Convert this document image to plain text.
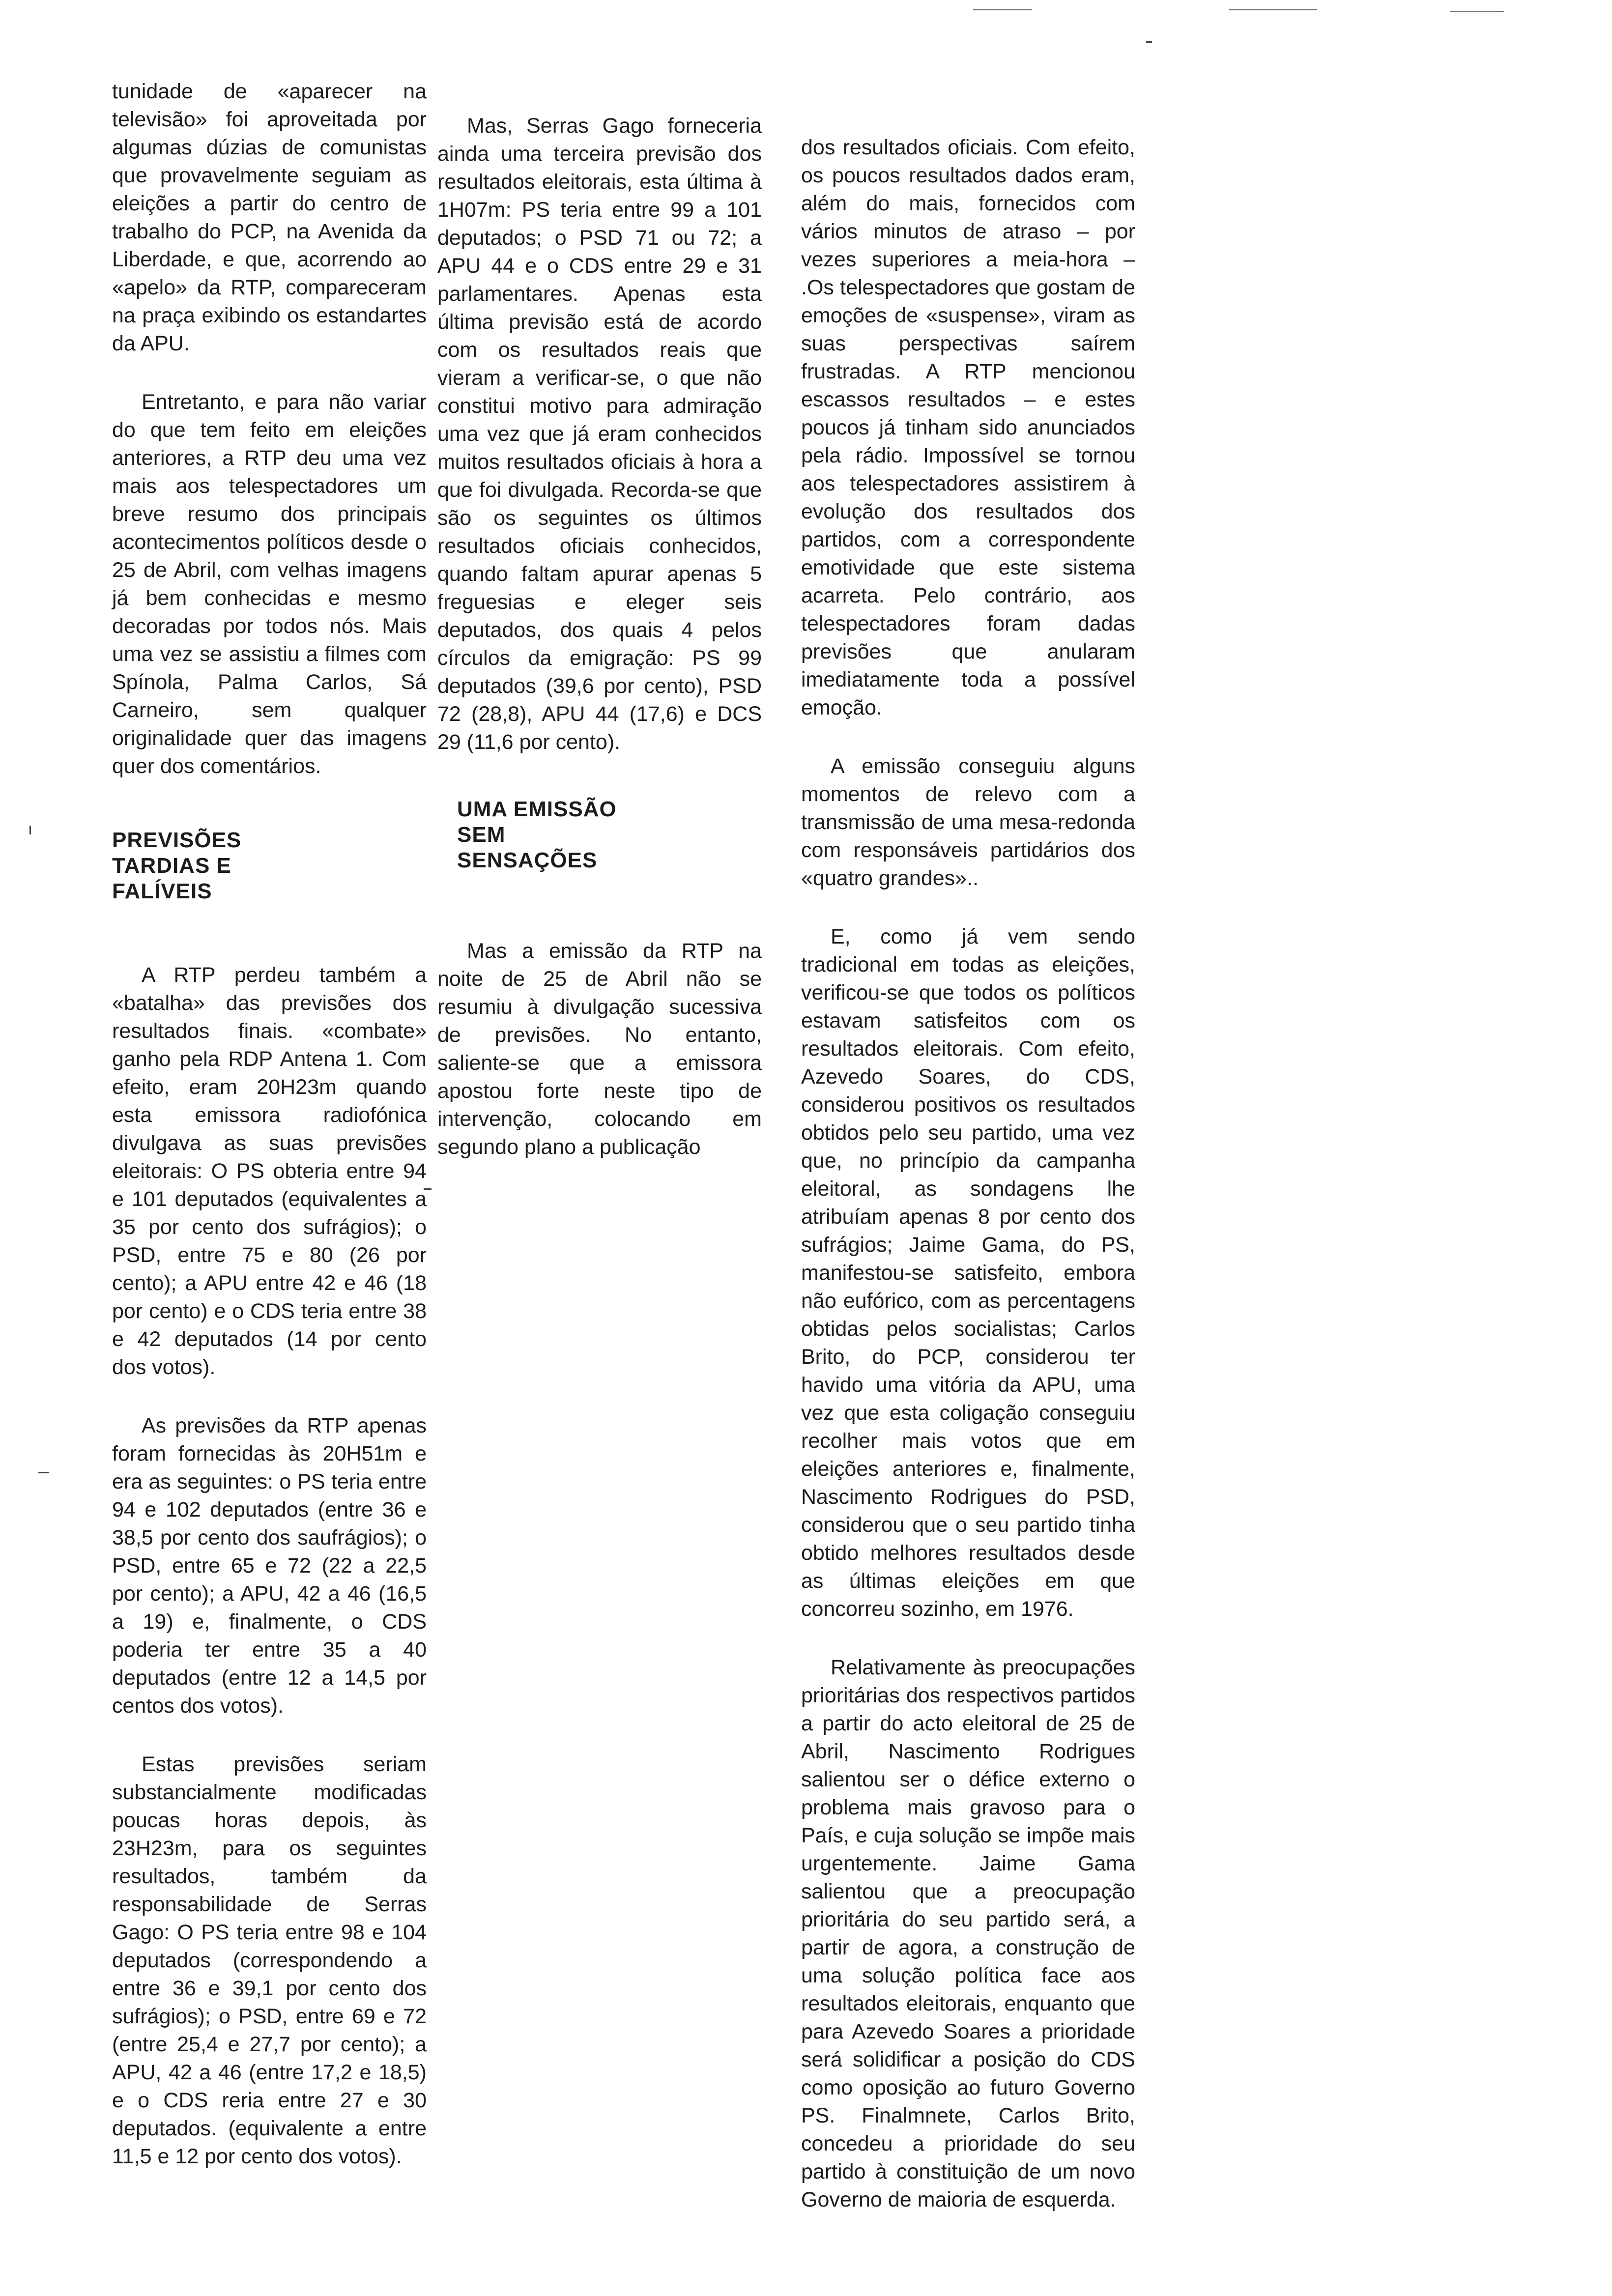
tunidade de «aparecer na televisão» foi aproveitada por algumas dúzias de comunistas que provavelmente seguiam as eleições a partir do centro de trabalho do PCP, na Avenida da Liberdade, e que, acorrendo ao «apelo» da RTP, compareceram na praça exibindo os estandartes da APU.

Entretanto, e para não variar do que tem feito em eleições anteriores, a RTP deu uma vez mais aos telespectadores um breve resumo dos principais acontecimentos políticos desde o 25 de Abril, com velhas imagens já bem conhecidas e mesmo decoradas por todos nós. Mais uma vez se assistiu a filmes com Spínola, Palma Carlos, Sá Carneiro, sem qualquer originalidade quer das imagens quer dos comentários.

PREVISÕES
TARDIAS E
FALÍVEIS

A RTP perdeu também a «batalha» das previsões dos resultados finais. «combate» ganho pela RDP Antena 1. Com efeito, eram 20H23m quando esta emissora radiofónica divulgava as suas previsões eleitorais: O PS obteria entre 94 e 101 deputados (equivalentes a 35 por cento dos sufrágios); o PSD, entre 75 e 80 (26 por cento); a APU entre 42 e 46 (18 por cento) e o CDS teria entre 38 e 42 deputados (14 por cento dos votos).

As previsões da RTP apenas foram fornecidas às 20H51m e era as seguintes: o PS teria entre 94 e 102 deputados (entre 36 e 38,5 por cento dos saufrágios); o PSD, entre 65 e 72 (22 a 22,5 por cento); a APU, 42 a 46 (16,5 a 19) e, finalmente, o CDS poderia ter entre 35 a 40 deputados (entre 12 a 14,5 por centos dos votos).

Estas previsões seriam substancialmente modificadas poucas horas depois, às 23H23m, para os seguintes resultados, também da responsabilidade de Serras Gago: O PS teria entre 98 e 104 deputados (correspondendo a entre 36 e 39,1 por cento dos sufrágios); o PSD, entre 69 e 72 (entre 25,4 e 27,7 por cento); a APU, 42 a 46 (entre 17,2 e 18,5) e o CDS reria entre 27 e 30 deputados. (equivalente a entre 11,5 e 12 por cento dos votos).

Mas, Serras Gago forneceria ainda uma terceira previsão dos resultados eleitorais, esta última à 1H07m: PS teria entre 99 a 101 deputados; o PSD 71 ou 72; a APU 44 e o CDS entre 29 e 31 parlamentares. Apenas esta última previsão está de acordo com os resultados reais que vieram a verificar-se, o que não constitui motivo para admiração uma vez que já eram conhecidos muitos resultados oficiais à hora a que foi divulgada. Recorda-se que são os seguintes os últimos resultados oficiais conhecidos, quando faltam apurar apenas 5 freguesias e eleger seis deputados, dos quais 4 pelos círculos da emigração: PS 99 deputados (39,6 por cento), PSD 72 (28,8), APU 44 (17,6) e DCS 29 (11,6 por cento).

UMA EMISSÃO
SEM
SENSAÇÕES

Mas a emissão da RTP na noite de 25 de Abril não se resumiu à divulgação sucessiva de previsões. No entanto, saliente-se que a emissora apostou forte neste tipo de intervenção, colocando em segundo plano a publicação

dos resultados oficiais. Com efeito, os poucos resultados dados eram, além do mais, fornecidos com vários minutos de atraso – por vezes superiores a meia-hora – .Os telespectadores que gostam de emoções de «suspense», viram as suas perspectivas saírem frustradas. A RTP mencionou escassos resultados – e estes poucos já tinham sido anunciados pela rádio. Impossível se tornou aos telespectadores assistirem à evolução dos resultados dos partidos, com a correspondente emotividade que este sistema acarreta. Pelo contrário, aos telespectadores foram dadas previsões que anularam imediatamente toda a possível emoção.

A emissão conseguiu alguns momentos de relevo com a transmissão de uma mesa-redonda com responsáveis partidários dos «quatro grandes»..

E, como já vem sendo tradicional em todas as eleições, verificou-se que todos os políticos estavam satisfeitos com os resultados eleitorais. Com efeito, Azevedo Soares, do CDS, considerou positivos os resultados obtidos pelo seu partido, uma vez que, no princípio da campanha eleitoral, as sondagens lhe atribuíam apenas 8 por cento dos sufrágios; Jaime Gama, do PS, manifestou-se satisfeito, embora não eufórico, com as percentagens obtidas pelos socialistas; Carlos Brito, do PCP, considerou ter havido uma vitória da APU, uma vez que esta coligação conseguiu recolher mais votos que em eleições anteriores e, finalmente, Nascimento Rodrigues do PSD, considerou que o seu partido tinha obtido melhores resultados desde as últimas eleições em que concorreu sozinho, em 1976.

Relativamente às preocupações prioritárias dos respectivos partidos a partir do acto eleitoral de 25 de Abril, Nascimento Rodrigues salientou ser o défice externo o problema mais gravoso para o País, e cuja solução se impõe mais urgentemente. Jaime Gama salientou que a preocupação prioritária do seu partido será, a partir de agora, a construção de uma solução política face aos resultados eleitorais, enquanto que para Azevedo Soares a prioridade será solidificar a posição do CDS como oposição ao futuro Governo PS. Finalmnete, Carlos Brito, concedeu a prioridade do seu partido à constituição de um novo Governo de maioria de esquerda.
